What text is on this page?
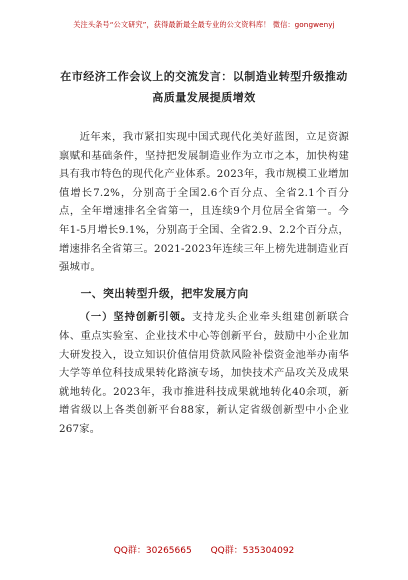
关注头条号“公文研究”，获得最新最全最专业的公文资料库！ 微信：gongwenyj
在市经济工作会议上的交流发言：以制造业转型升级推动
高质量发展提质增效

近年来，我市紧扣实现中国式现代化美好蓝图，立足资源禀赋和基础条件，坚持把发展制造业作为立市之本，加快构建具有我市特色的现代化产业体系。2023年，我市规模工业增加值增长7.2%，分别高于全国2.6个百分点、全省2.1个百分点，全年增速排名全省第一，且连续9个月位居全省第一。今年1-5月增长9.1%，分别高于全国、全省2.9、2.2个百分点，增速排名全省第三。2021-2023年连续三年上榜先进制造业百强城市。

一、突出转型升级，把牢发展方向

（一）坚持创新引领。支持龙头企业牵头组建创新联合体、重点实验室、企业技术中心等创新平台，鼓励中小企业加大研发投入，设立知识价值信用贷款风险补偿资金池举办南华大学等单位科技成果转化路演专场，加快技术产品攻关及成果就地转化。2023年，我市推进科技成果就地转化40余项，新增省级以上各类创新平台88家，新认定省级创新型中小企业267家。

QQ群：30265665 QQ群：535304092
